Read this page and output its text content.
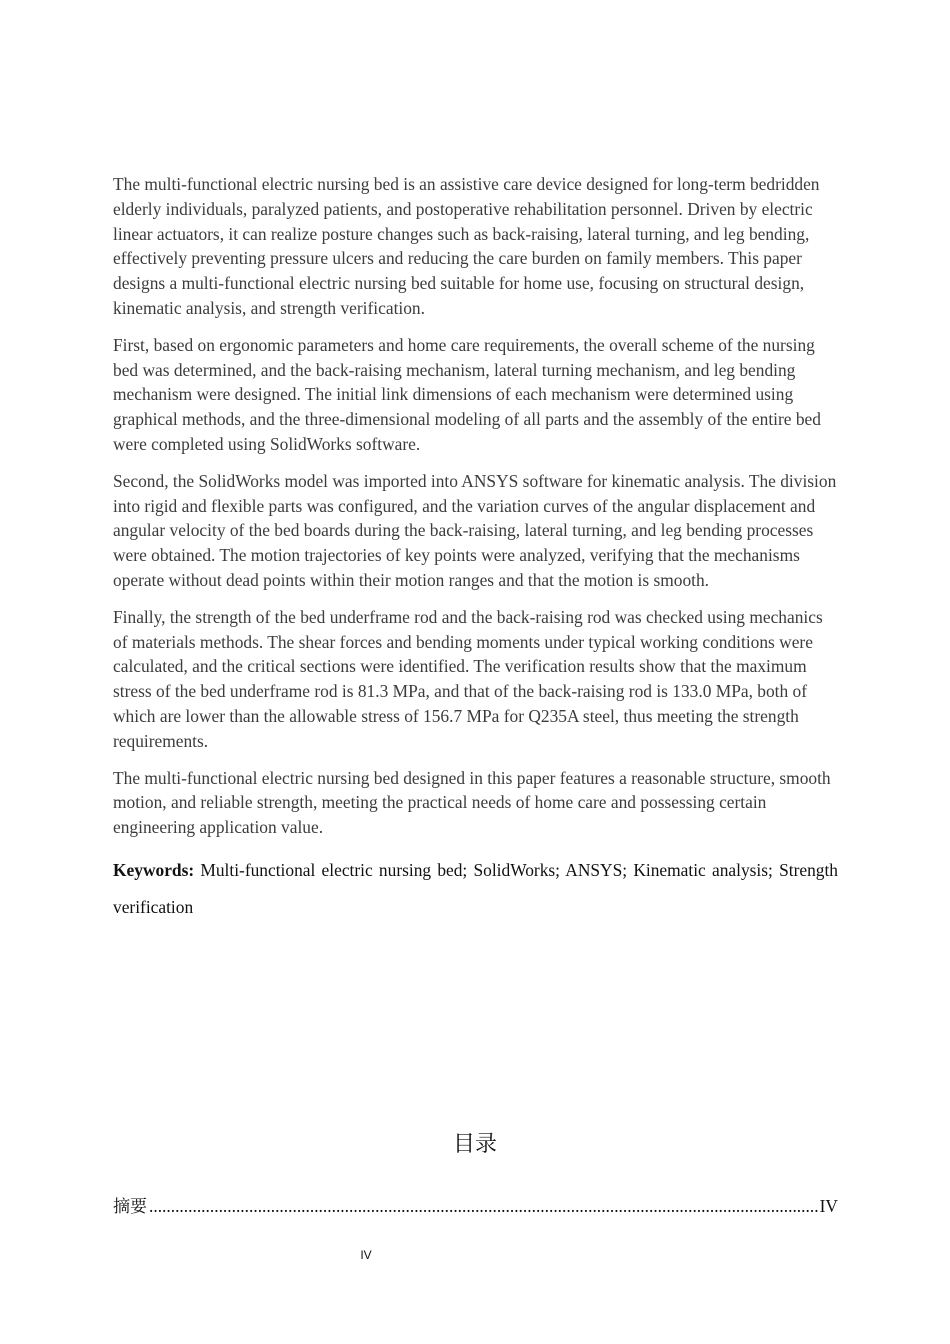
The multi-functional electric nursing bed is an assistive care device designed for long-term bedridden elderly individuals, paralyzed patients, and postoperative rehabilitation personnel. Driven by electric linear actuators, it can realize posture changes such as back-raising, lateral turning, and leg bending, effectively preventing pressure ulcers and reducing the care burden on family members. This paper designs a multi-functional electric nursing bed suitable for home use, focusing on structural design, kinematic analysis, and strength verification.

First, based on ergonomic parameters and home care requirements, the overall scheme of the nursing bed was determined, and the back-raising mechanism, lateral turning mechanism, and leg bending mechanism were designed. The initial link dimensions of each mechanism were determined using graphical methods, and the three-dimensional modeling of all parts and the assembly of the entire bed were completed using SolidWorks software.

Second, the SolidWorks model was imported into ANSYS software for kinematic analysis. The division into rigid and flexible parts was configured, and the variation curves of the angular displacement and angular velocity of the bed boards during the back-raising, lateral turning, and leg bending processes were obtained. The motion trajectories of key points were analyzed, verifying that the mechanisms operate without dead points within their motion ranges and that the motion is smooth.

Finally, the strength of the bed underframe rod and the back-raising rod was checked using mechanics of materials methods. The shear forces and bending moments under typical working conditions were calculated, and the critical sections were identified. The verification results show that the maximum stress of the bed underframe rod is 81.3 MPa, and that of the back-raising rod is 133.0 MPa, both of which are lower than the allowable stress of 156.7 MPa for Q235A steel, thus meeting the strength requirements.

The multi-functional electric nursing bed designed in this paper features a reasonable structure, smooth motion, and reliable strength, meeting the practical needs of home care and possessing certain engineering application value.

Keywords: Multi-functional electric nursing bed; SolidWorks; ANSYS; Kinematic analysis; Strength verification

目录
摘要
.....	IV
IV
